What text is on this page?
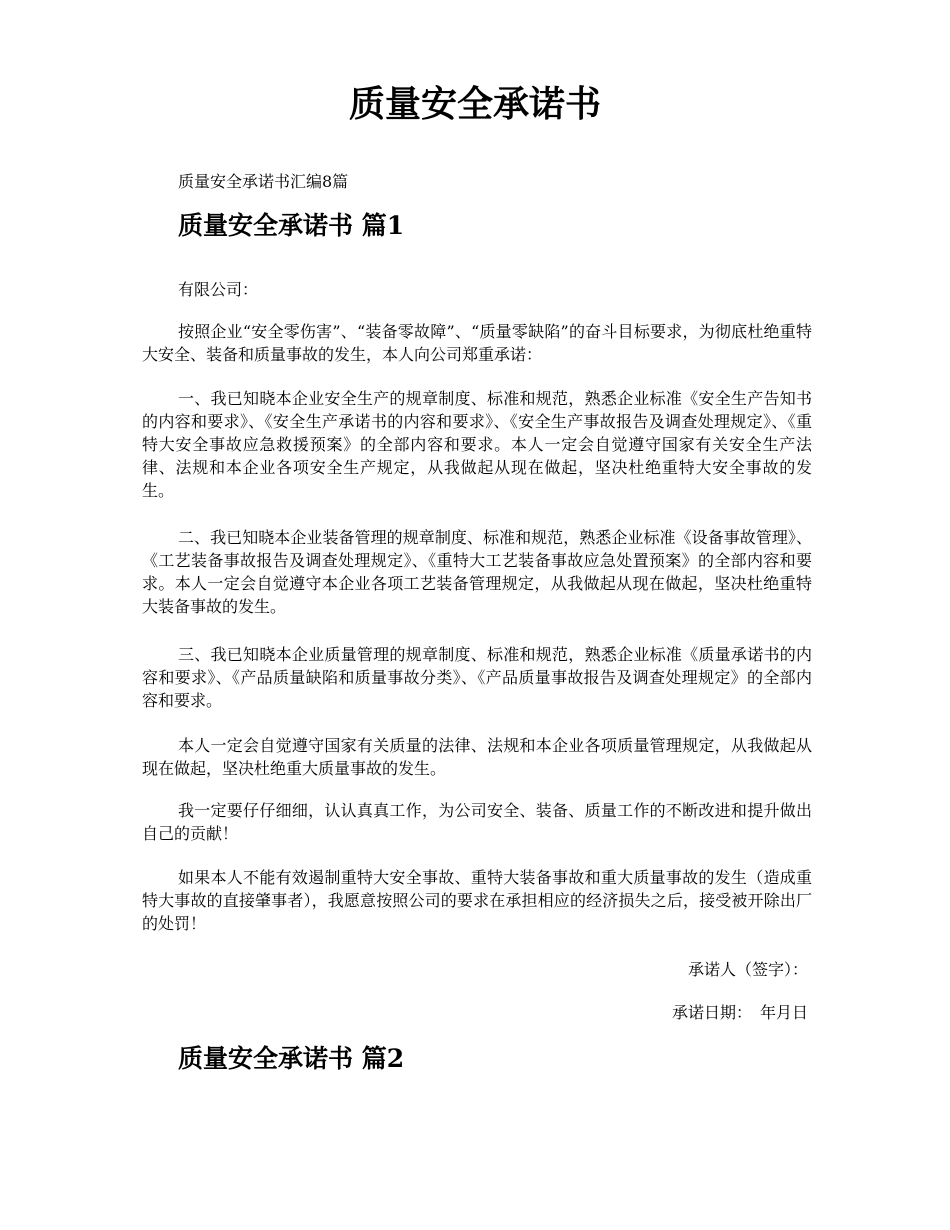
质量安全承诺书
质量安全承诺书汇编8篇
质量安全承诺书 篇1
有限公司：
按照企业“安全零伤害”、“装备零故障”、“质量零缺陷”的奋斗目标要求，为彻底杜绝重特大安全、装备和质量事故的发生，本人向公司郑重承诺：
一、我已知晓本企业安全生产的规章制度、标准和规范，熟悉企业标准《安全生产告知书的内容和要求》、《安全生产承诺书的内容和要求》、《安全生产事故报告及调查处理规定》、《重特大安全事故应急救援预案》的全部内容和要求。本人一定会自觉遵守国家有关安全生产法律、法规和本企业各项安全生产规定，从我做起从现在做起，坚决杜绝重特大安全事故的发生。
二、我已知晓本企业装备管理的规章制度、标准和规范，熟悉企业标准《设备事故管理》、《工艺装备事故报告及调查处理规定》、《重特大工艺装备事故应急处置预案》的全部内容和要求。本人一定会自觉遵守本企业各项工艺装备管理规定，从我做起从现在做起，坚决杜绝重特大装备事故的发生。
三、我已知晓本企业质量管理的规章制度、标准和规范，熟悉企业标准《质量承诺书的内容和要求》、《产品质量缺陷和质量事故分类》、《产品质量事故报告及调查处理规定》的全部内容和要求。
本人一定会自觉遵守国家有关质量的法律、法规和本企业各项质量管理规定，从我做起从现在做起，坚决杜绝重大质量事故的发生。
我一定要仔仔细细，认认真真工作，为公司安全、装备、质量工作的不断改进和提升做出自己的贡献！
如果本人不能有效遏制重特大安全事故、重特大装备事故和重大质量事故的发生（造成重特大事故的直接肇事者），我愿意按照公司的要求在承担相应的经济损失之后，接受被开除出厂的处罚！
承诺人（签字）：
承诺日期：　年月日
质量安全承诺书 篇2
